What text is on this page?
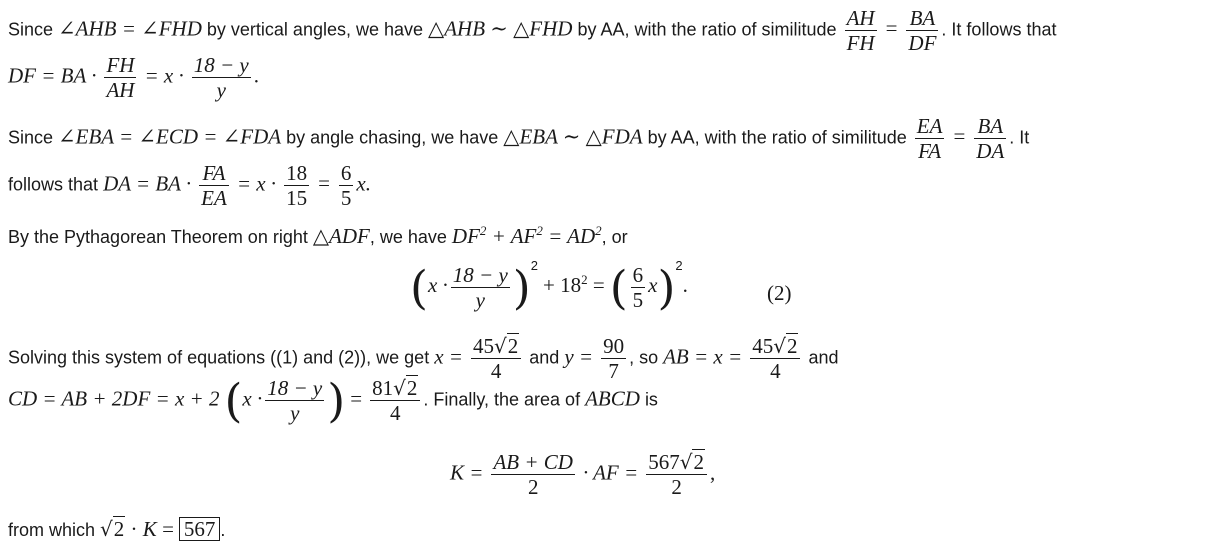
Since ∠AHB = ∠FHD by vertical angles, we have △AHB ∼ △FHD by AA, with the ratio of similitude $\frac{AH}{FH} = \frac{BA}{DF}$ . It follows that
DF = BA · $\frac{FH}{AH} = x \cdot \frac{18 - y}{y}$ .
Since ∠EBA = ∠ECD = ∠FDA by angle chasing, we have △EBA ∼ △FDA by AA, with the ratio of similitude $\frac{EA}{FA} = \frac{BA}{DA}$ . It
follows that DA = BA · $\frac{FA}{EA} = x \cdot \frac{18}{15} = \frac{6}{5} x$.
By the Pythagorean Theorem on right △ADF, we have $DF^2 + AF^2 = AD^2$, or
$(x \cdot \frac{18 - y}{y} )^2 + 18^2$ = ( $\frac{6}{5} x)^2$.	(2)
Solving this system of equations ((1) and (2)), we get $x = \frac{45√2}{4}$ and $y = \frac{90}{7}$ , so AB = $x = \frac{45√2}{4}$ and
CD = AB + 2DF = x + 2 ($x \cdot \frac{18 - y}{y}$ ) = $\frac{81√2}{4}$ . Finally, the area of ABCD is
$K = \frac{AB + CD}{2}$ · AF = $\frac{567√2}{2}$ ,
from which √2 · K = 567 .
